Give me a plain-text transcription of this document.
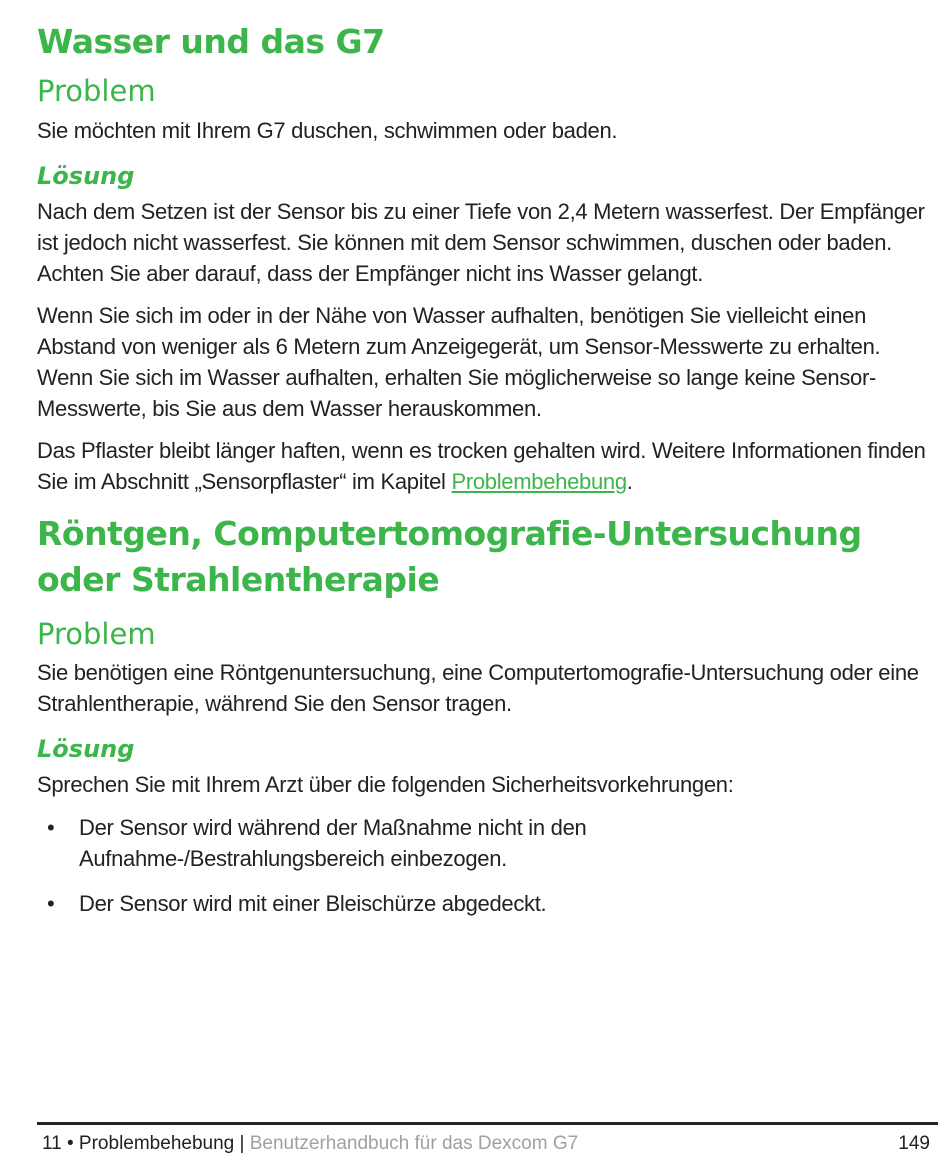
Wasser und das G7
Problem

Sie möchten mit Ihrem G7 duschen, schwimmen oder baden.

Lösung

Nach dem Setzen ist der Sensor bis zu einer Tiefe von 2,4 Metern wasserfest. Der Empfänger ist jedoch nicht wasserfest. Sie können mit dem Sensor schwimmen, duschen oder baden. Achten Sie aber darauf, dass der Empfänger nicht ins Wasser gelangt.

Wenn Sie sich im oder in der Nähe von Wasser aufhalten, benötigen Sie vielleicht einen Abstand von weniger als 6 Metern zum Anzeigegerät, um Sensor-Messwerte zu erhalten. Wenn Sie sich im Wasser aufhalten, erhalten Sie möglicherweise so lange keine Sensor-Messwerte, bis Sie aus dem Wasser herauskommen.

Das Pflaster bleibt länger haften, wenn es trocken gehalten wird. Weitere Informationen finden Sie im Abschnitt „Sensorpflaster“ im Kapitel Problembehebung.

Röntgen, Computertomografie-Untersuchung oder Strahlentherapie
Problem

Sie benötigen eine Röntgenuntersuchung, eine Computertomografie-Untersuchung oder eine Strahlentherapie, während Sie den Sensor tragen.

Lösung

Sprechen Sie mit Ihrem Arzt über die folgenden Sicherheitsvorkehrungen:

• Der Sensor wird während der Maßnahme nicht in den Aufnahme-/Bestrahlungsbereich einbezogen.
• Der Sensor wird mit einer Bleischürze abgedeckt.
11 • Problembehebung | Benutzerhandbuch für das Dexcom G7	149
